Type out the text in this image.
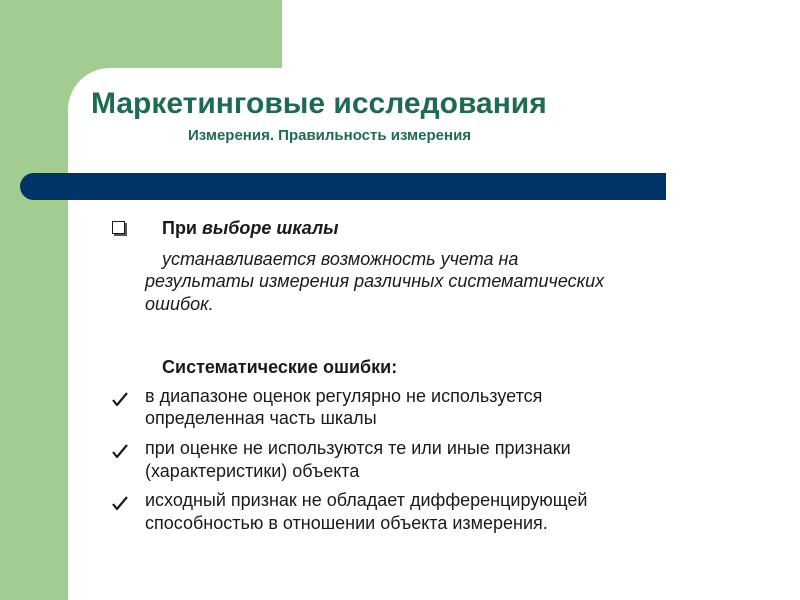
Маркетинговые исследования
Измерения. Правильность измерения

При выборе шкалы

устанавливается возможность учета на

результаты измерения различных систематических

ошибок.

Систематические ошибки:

в диапазоне оценок регулярно не используется

определенная часть шкалы

при оценке не используются те или иные признаки

(характеристики) объекта

исходный признак не обладает дифференцирующей

способностью в отношении объекта измерения.
